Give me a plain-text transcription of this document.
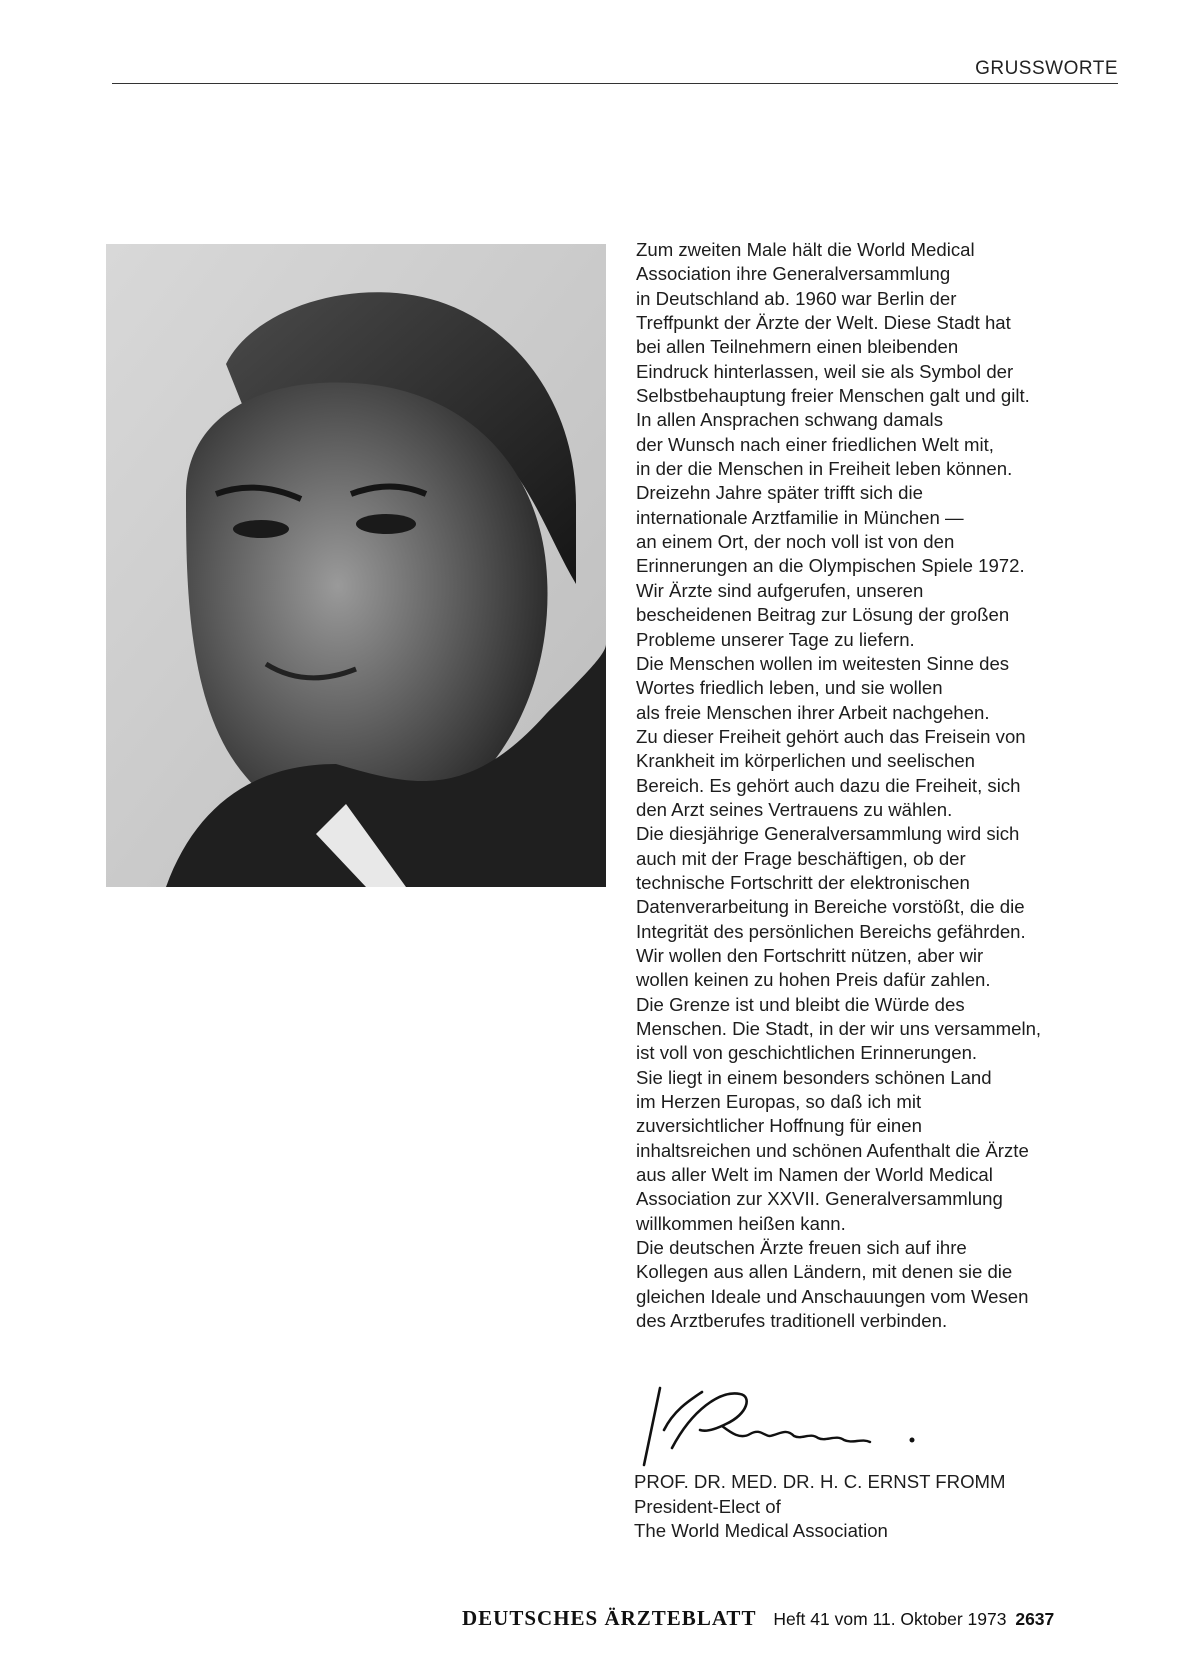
GRUSSWORTE
Zum zweiten Male hält die World Medical
Association ihre Generalversammlung
in Deutschland ab. 1960 war Berlin der
Treffpunkt der Ärzte der Welt. Diese Stadt hat
bei allen Teilnehmern einen bleibenden
Eindruck hinterlassen, weil sie als Symbol der
Selbstbehauptung freier Menschen galt und gilt.
In allen Ansprachen schwang damals
der Wunsch nach einer friedlichen Welt mit,
in der die Menschen in Freiheit leben können.
Dreizehn Jahre später trifft sich die
internationale Arztfamilie in München —
an einem Ort, der noch voll ist von den
Erinnerungen an die Olympischen Spiele 1972.
Wir Ärzte sind aufgerufen, unseren
bescheidenen Beitrag zur Lösung der großen
Probleme unserer Tage zu liefern.
Die Menschen wollen im weitesten Sinne des
Wortes friedlich leben, und sie wollen
als freie Menschen ihrer Arbeit nachgehen.
Zu dieser Freiheit gehört auch das Freisein von
Krankheit im körperlichen und seelischen
Bereich. Es gehört auch dazu die Freiheit, sich
den Arzt seines Vertrauens zu wählen.
Die diesjährige Generalversammlung wird sich
auch mit der Frage beschäftigen, ob der
technische Fortschritt der elektronischen
Datenverarbeitung in Bereiche vorstößt, die die
Integrität des persönlichen Bereichs gefährden.
Wir wollen den Fortschritt nützen, aber wir
wollen keinen zu hohen Preis dafür zahlen.
Die Grenze ist und bleibt die Würde des
Menschen. Die Stadt, in der wir uns versammeln,
ist voll von geschichtlichen Erinnerungen.
Sie liegt in einem besonders schönen Land
im Herzen Europas, so daß ich mit
zuversichtlicher Hoffnung für einen
inhaltsreichen und schönen Aufenthalt die Ärzte
aus aller Welt im Namen der World Medical
Association zur XXVII. Generalversammlung
willkommen heißen kann.
Die deutschen Ärzte freuen sich auf ihre
Kollegen aus allen Ländern, mit denen sie die
gleichen Ideale und Anschauungen vom Wesen
des Arztberufes traditionell verbinden.
PROF. DR. MED. DR. H. C. ERNST FROMM
President-Elect of
The World Medical Association
DEUTSCHES ÄRZTEBLATT Heft 41 vom 11. Oktober 1973 2637
